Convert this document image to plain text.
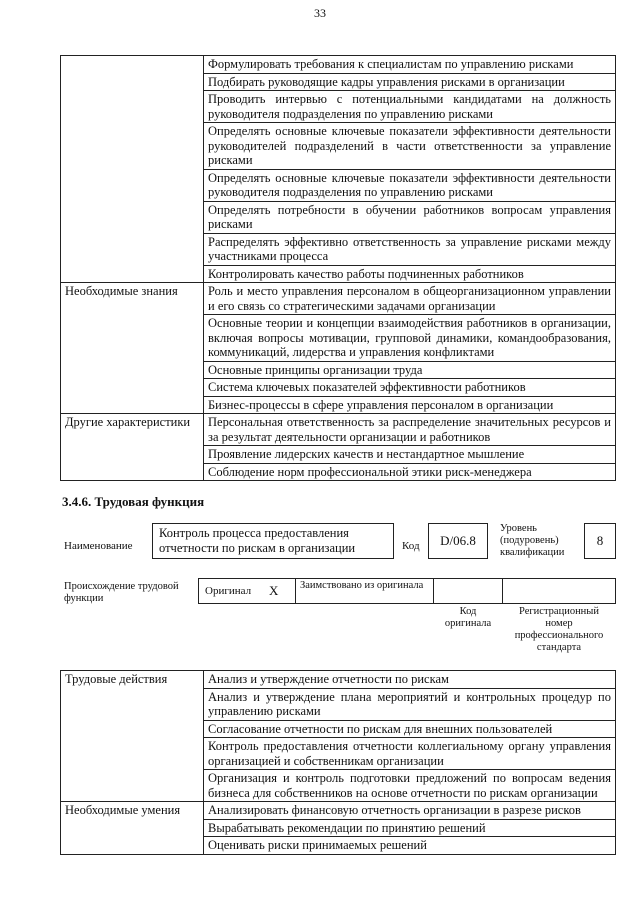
33
	Формулировать требования к специалистам по управлению рисками
	Подбирать руководящие кадры управления рисками в организации
	Проводить интервью с потенциальными кандидатами на должность руководителя подразделения по управлению рисками
	Определять основные ключевые показатели эффективности деятельности руководителей подразделений в части ответственности за управление рисками
	Определять основные ключевые показатели эффективности деятельности руководителя подразделения по управлению рисками
	Определять потребности в обучении работников вопросам управления рисками
	Распределять эффективно ответственность за управление рисками между участниками процесса
	Контролировать качество работы подчиненных работников
Необходимые знания	Роль и место управления персоналом в общеорганизационном управлении и его связь со стратегическими задачами организации
	Основные теории и концепции взаимодействия работников в организации, включая вопросы мотивации, групповой динамики, командообразования, коммуникаций, лидерства и управления конфликтами
	Основные принципы организации труда
	Система ключевых показателей эффективности работников
	Бизнес-процессы в сфере управления персоналом в организации
Другие характеристики	Персональная ответственность за распределение значительных ресурсов и за результат деятельности организации и работников
	Проявление лидерских качеств и нестандартное мышление
	Соблюдение норм профессиональной этики риск-менеджера
3.4.6. Трудовая функция
Наименование
Контроль процесса предоставления отчетности по рискам в организации	Код	D/06.8
Уровень (подуровень) квалификации
8
Происхождение трудовой функции
Оригинал X	Заимствовано из оригинала
Код оригинала
Регистрационный номер профессионального стандарта
Трудовые действия	Анализ и утверждение отчетности по рискам
	Анализ и утверждение плана мероприятий и контрольных процедур по управлению рисками
	Согласование отчетности по рискам для внешних пользователей
	Контроль предоставления отчетности коллегиальному органу управления организацией и собственникам организации
	Организация и контроль подготовки предложений по вопросам ведения бизнеса для собственников на основе отчетности по рискам организации
Необходимые умения	Анализировать финансовую отчетность организации в разрезе рисков
	Вырабатывать рекомендации по принятию решений
	Оценивать риски принимаемых решений
